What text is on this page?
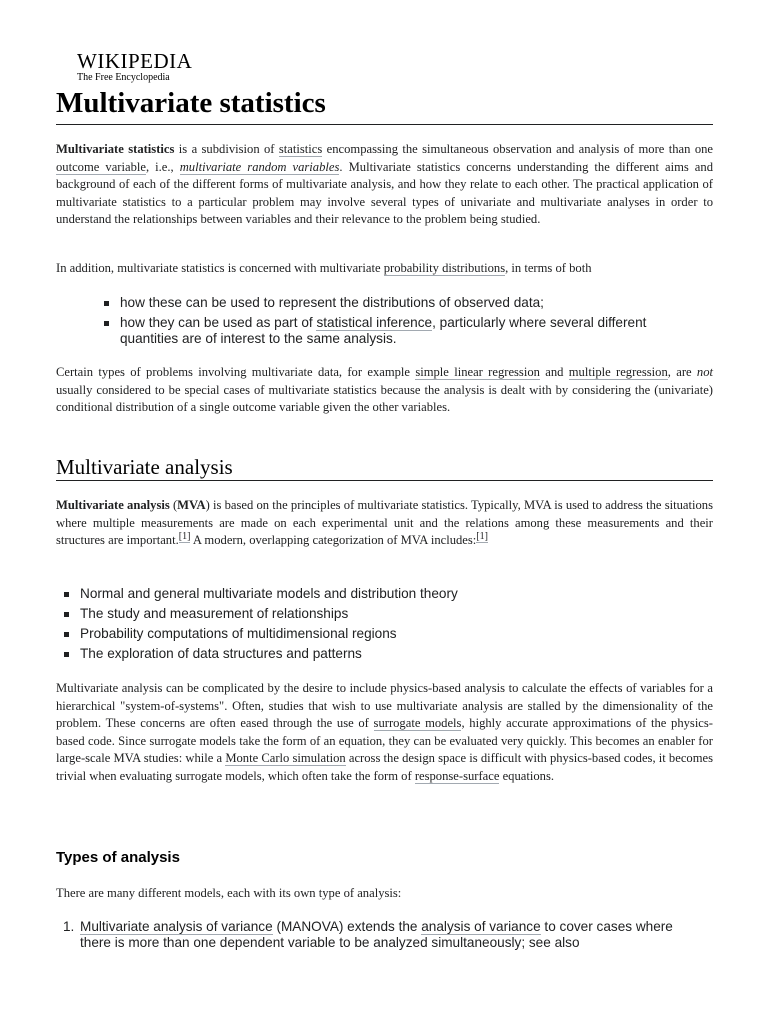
WIKIPEDIA
The Free Encyclopedia
Multivariate statistics

Multivariate statistics is a subdivision of statistics encompassing the simultaneous observation and analysis of more than one outcome variable, i.e., multivariate random variables. Multivariate statistics concerns understanding the different aims and background of each of the different forms of multivariate analysis, and how they relate to each other. The practical application of multivariate statistics to a particular problem may involve several types of univariate and multivariate analyses in order to understand the relationships between variables and their relevance to the problem being studied.

In addition, multivariate statistics is concerned with multivariate probability distributions, in terms of both

how these can be used to represent the distributions of observed data;
how they can be used as part of statistical inference, particularly where several different quantities are of interest to the same analysis.

Certain types of problems involving multivariate data, for example simple linear regression and multiple regression, are not usually considered to be special cases of multivariate statistics because the analysis is dealt with by considering the (univariate) conditional distribution of a single outcome variable given the other variables.

Multivariate analysis

Multivariate analysis (MVA) is based on the principles of multivariate statistics. Typically, MVA is used to address the situations where multiple measurements are made on each experimental unit and the relations among these measurements and their structures are important.[1] A modern, overlapping categorization of MVA includes:[1]

Normal and general multivariate models and distribution theory
The study and measurement of relationships
Probability computations of multidimensional regions
The exploration of data structures and patterns

Multivariate analysis can be complicated by the desire to include physics-based analysis to calculate the effects of variables for a hierarchical "system-of-systems". Often, studies that wish to use multivariate analysis are stalled by the dimensionality of the problem. These concerns are often eased through the use of surrogate models, highly accurate approximations of the physics-based code. Since surrogate models take the form of an equation, they can be evaluated very quickly. This becomes an enabler for large-scale MVA studies: while a Monte Carlo simulation across the design space is difficult with physics-based codes, it becomes trivial when evaluating surrogate models, which often take the form of response-surface equations.

Types of analysis

There are many different models, each with its own type of analysis:

1. Multivariate analysis of variance (MANOVA) extends the analysis of variance to cover cases where there is more than one dependent variable to be analyzed simultaneously; see also
